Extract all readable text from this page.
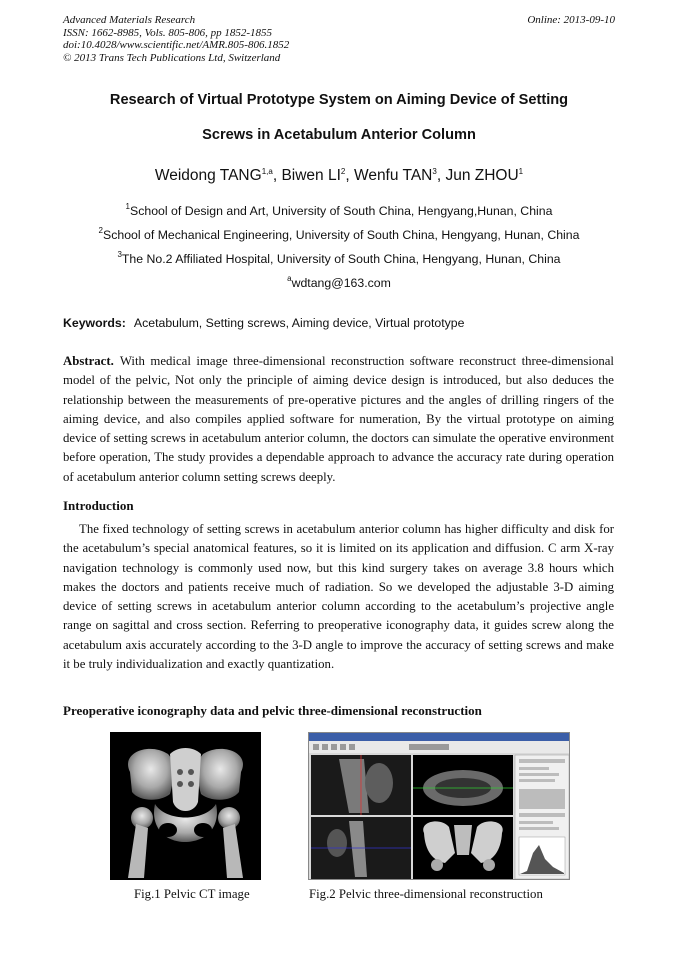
Advanced Materials Research
ISSN: 1662-8985, Vols. 805-806, pp 1852-1855
doi:10.4028/www.scientific.net/AMR.805-806.1852
© 2013 Trans Tech Publications Ltd, Switzerland
Online: 2013-09-10
Research of Virtual Prototype System on Aiming Device of Setting
Screws in Acetabulum Anterior Column
Weidong TANG$^{1,a}$, Biwen $LI^2$, Wenfu TAN$^3$, Jun ZHOU$^1$
$^1$School of Design and Art, University of South China, Hengyang,Hunan, China
$^2$School of Mechanical Engineering, University of South China, Hengyang, Hunan, China
$^3$The No.2 Affiliated Hospital, University of South China, Hengyang, Hunan, China
$^a$wdtang@163.com
Keywords: Acetabulum, Setting screws, Aiming device, Virtual prototype
Abstract. With medical image three-dimensional reconstruction software reconstruct three-dimensional model of the pelvic, Not only the principle of aiming device design is introduced, but also deduces the relationship between the measurements of pre-operative pictures and the angles of drilling ringers of the aiming device, and also compiles applied software for numeration, By the virtual prototype on aiming device of setting screws in acetabulum anterior column, the doctors can simulate the operative environment before operation, The study provides a dependable approach to advance the accuracy rate during operation of acetabulum anterior column setting screws deeply.
Introduction
The fixed technology of setting screws in acetabulum anterior column has higher difficulty and disk for the acetabulum’s special anatomical features, so it is limited on its application and diffusion. C arm X-ray navigation technology is commonly used now, but this kind surgery takes on average 3.8 hours which makes the doctors and patients receive much of radiation. So we developed the adjustable 3-D aiming device of setting screws in acetabulum anterior column according to the acetabulum’s projective angle range on sagittal and cross section. Referring to preoperative iconography data, it guides screw along the acetabulum axis accurately according to the 3-D angle to improve the accuracy of setting screws and make it be truly individualization and exactly quantization.
Preoperative iconography data and pelvic three-dimensional reconstruction
Fig.1 Pelvic CT image	Fig.2 Pelvic three-dimensional reconstruction
